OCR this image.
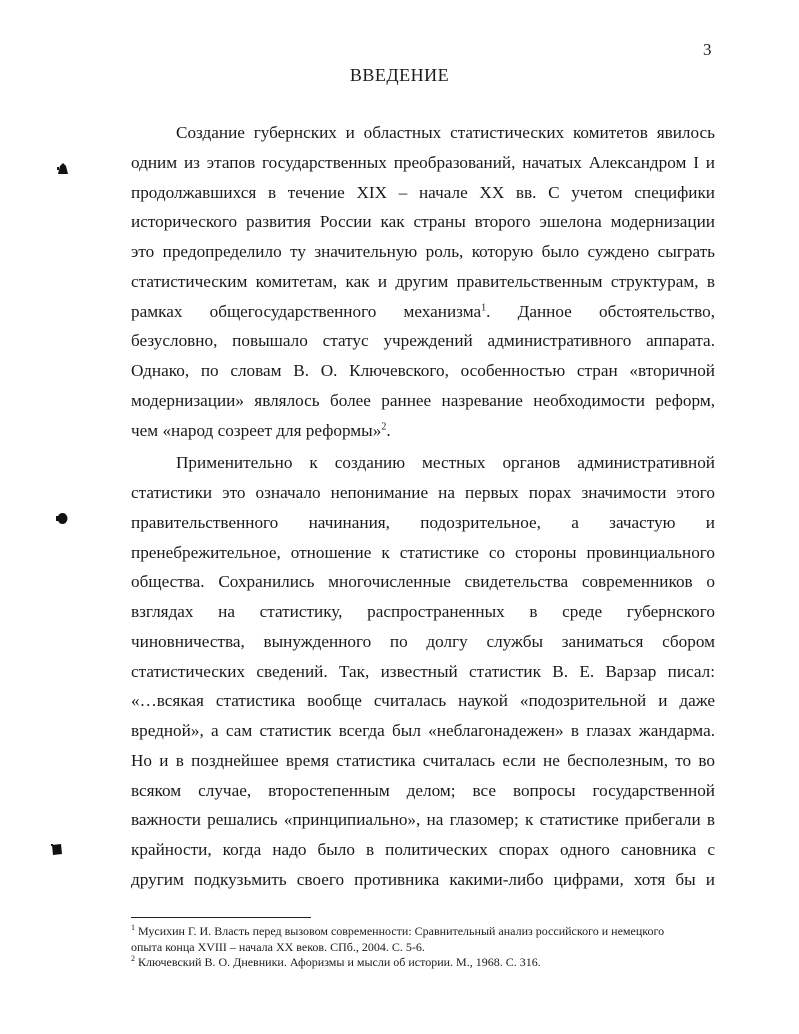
3
ВВЕДЕНИЕ

Создание губернских и областных статистических комитетов явилось
одним из этапов государственных преобразований, начатых Александром I и
продолжавшихся в течение XIX – начале XX вв. С учетом специфики
исторического развития России как страны второго эшелона модернизации
это предопределило ту значительную роль, которую было суждено сыграть
статистическим комитетам, как и другим правительственным структурам, в
рамках общегосударственного механизма$^1$. Данное обстоятельство,
безусловно, повышало статус учреждений административного аппарата.
Однако, по словам В. О. Ключевского, особенностью стран «вторичной
модернизации» являлось более раннее назревание необходимости реформ,
чем «народ созреет для реформы»$^2$.

Применительно к созданию местных органов административной
статистики это означало непонимание на первых порах значимости этого
правительственного начинания, подозрительное, а зачастую и
пренебрежительное, отношение к статистике со стороны провинциального
общества. Сохранились многочисленные свидетельства современников о
взглядах на статистику, распространенных в среде губернского
чиновничества, вынужденного по долгу службы заниматься сбором
статистических сведений. Так, известный статистик В. Е. Варзар писал:
«…всякая статистика вообще считалась наукой «подозрительной и даже
вредной», а сам статистик всегда был «неблагонадежен» в глазах жандарма.
Но и в позднейшее время статистика считалась если не бесполезным, то во
всяком случае, второстепенным делом; все вопросы государственной
важности решались «принципиально», на глазомер; к статистике прибегали в
крайности, когда надо было в политических спорах одного сановника с
другим подкузьмить своего противника какими-либо цифрами, хотя бы и

$^1$ Мусихин Г. И. Власть перед вызовом современности: Сравнительный анализ российского и немецкого
опыта конца XVIII – начала XX веков. СПб., 2004. С. 5-6.
$^2$ Ключевский В. О. Дневники. Афоризмы и мысли об истории. М., 1968. С. 316.
